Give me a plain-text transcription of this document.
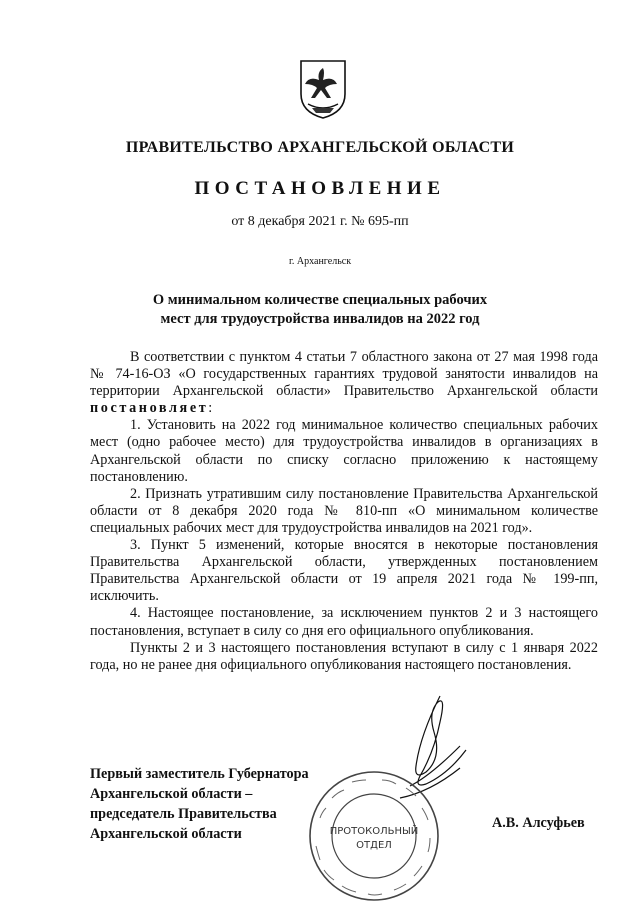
ПРАВИТЕЛЬСТВО АРХАНГЕЛЬСКОЙ ОБЛАСТИ
ПОСТАНОВЛЕНИЕ
от 8 декабря 2021 г. № 695-пп
г. Архангельск
О минимальном количестве специальных рабочих
мест для трудоустройства инвалидов на 2022 год

В соответствии с пунктом 4 статьи 7 областного закона от 27 мая 1998 года № 74-16-ОЗ «О государственных гарантиях трудовой занятости инвалидов на территории Архангельской области» Правительство Архангельской области постановляет:

1. Установить на 2022 год минимальное количество специальных рабочих мест (одно рабочее место) для трудоустройства инвалидов в организациях в Архангельской области по списку согласно приложению к настоящему постановлению.

2. Признать утратившим силу постановление Правительства Архангельской области от 8 декабря 2020 года № 810-пп «О минимальном количестве специальных рабочих мест для трудоустройства инвалидов на 2021 год».

3. Пункт 5 изменений, которые вносятся в некоторые постановления Правительства Архангельской области, утвержденных постановлением Правительства Архангельской области от 19 апреля 2021 года № 199-пп, исключить.

4. Настоящее постановление, за исключением пунктов 2 и 3 настоящего постановления, вступает в силу со дня его официального опубликования.

Пункты 2 и 3 настоящего постановления вступают в силу с 1 января 2022 года, но не ранее дня официального опубликования настоящего постановления.

ПРОТОКОЛЬНЫЙ
ОТДЕЛ
Первый заместитель Губернатора
Архангельской области –
председатель Правительства
Архангельской области
А.В. Алсуфьев
